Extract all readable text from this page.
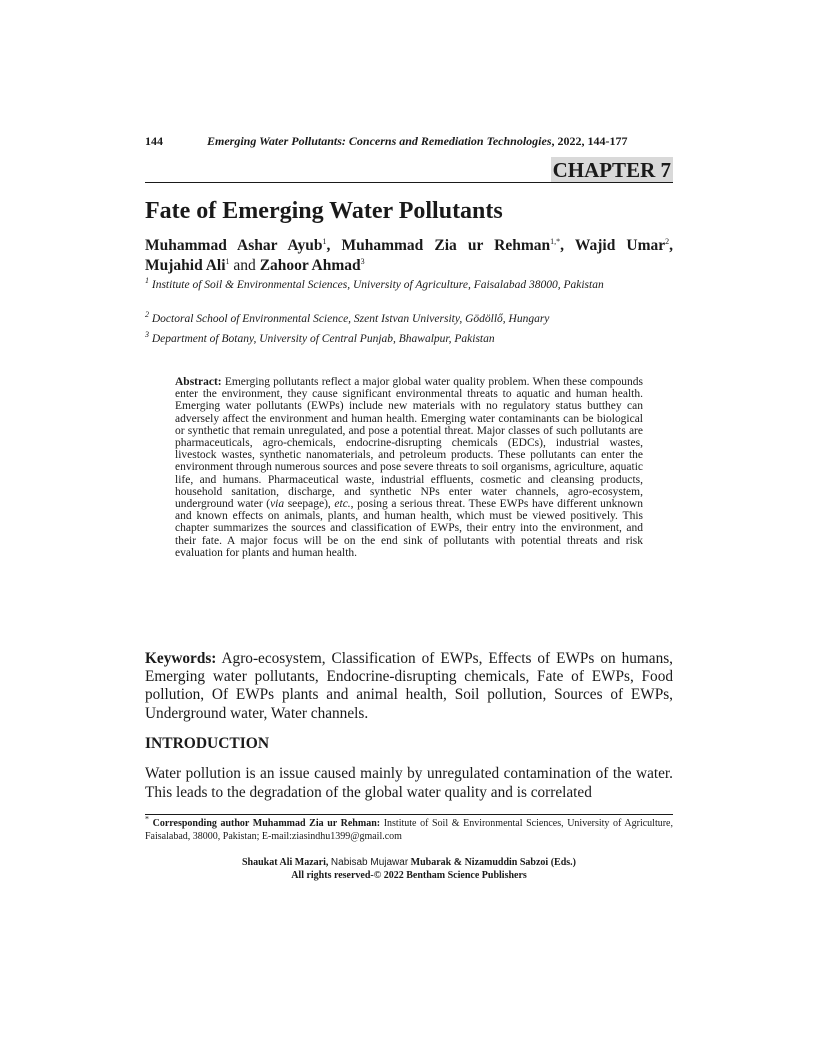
144	Emerging Water Pollutants: Concerns and Remediation Technologies, 2022, 144-177
CHAPTER 7
Fate of Emerging Water Pollutants
Muhammad Ashar Ayub$^1$, Muhammad Zia ur Rehman$^{1,*}$, Wajid Umar$^2$, Mujahid Ali$^1$ and Zahoor Ahmad$^3$
$^1$ Institute of Soil & Environmental Sciences, University of Agriculture, Faisalabad 38000, Pakistan
$^2$ Doctoral School of Environmental Science, Szent Istvan University, Gödöllő, Hungary
$^3$ Department of Botany, University of Central Punjab, Bhawalpur, Pakistan
Abstract: Emerging pollutants reflect a major global water quality problem. When these compounds enter the environment, they cause significant environmental threats to aquatic and human health. Emerging water pollutants (EWPs) include new materials with no regulatory status butthey can adversely affect the environment and human health. Emerging water contaminants can be biological or synthetic that remain unregulated, and pose a potential threat. Major classes of such pollutants are pharmaceuticals, agro-chemicals, endocrine-disrupting chemicals (EDCs), industrial wastes, livestock wastes, synthetic nanomaterials, and petroleum products. These pollutants can enter the environment through numerous sources and pose severe threats to soil organisms, agriculture, aquatic life, and humans. Pharmaceutical waste, industrial effluents, cosmetic and cleansing products, household sanitation, discharge, and synthetic NPs enter water channels, agro-ecosystem, underground water (via seepage), etc., posing a serious threat. These EWPs have different unknown and known effects on animals, plants, and human health, which must be viewed positively. This chapter summarizes the sources and classification of EWPs, their entry into the environment, and their fate. A major focus will be on the end sink of pollutants with potential threats and risk evaluation for plants and human health.
Keywords: Agro-ecosystem, Classification of EWPs, Effects of EWPs on humans, Emerging water pollutants, Endocrine-disrupting chemicals, Fate of EWPs, Food pollution, Of EWPs plants and animal health, Soil pollution, Sources of EWPs, Underground water, Water channels.
INTRODUCTION
Water pollution is an issue caused mainly by unregulated contamination of the water. This leads to the degradation of the global water quality and is correlated
* Corresponding author Muhammad Zia ur Rehman: Institute of Soil & Environmental Sciences, University of Agriculture, Faisalabad, 38000, Pakistan; E-mail:ziasindhu1399@gmail.com
Shaukat Ali Mazari, Nabisab Mujawar Mubarak & Nizamuddin Sabzoi (Eds.)
All rights reserved-© 2022 Bentham Science Publishers
